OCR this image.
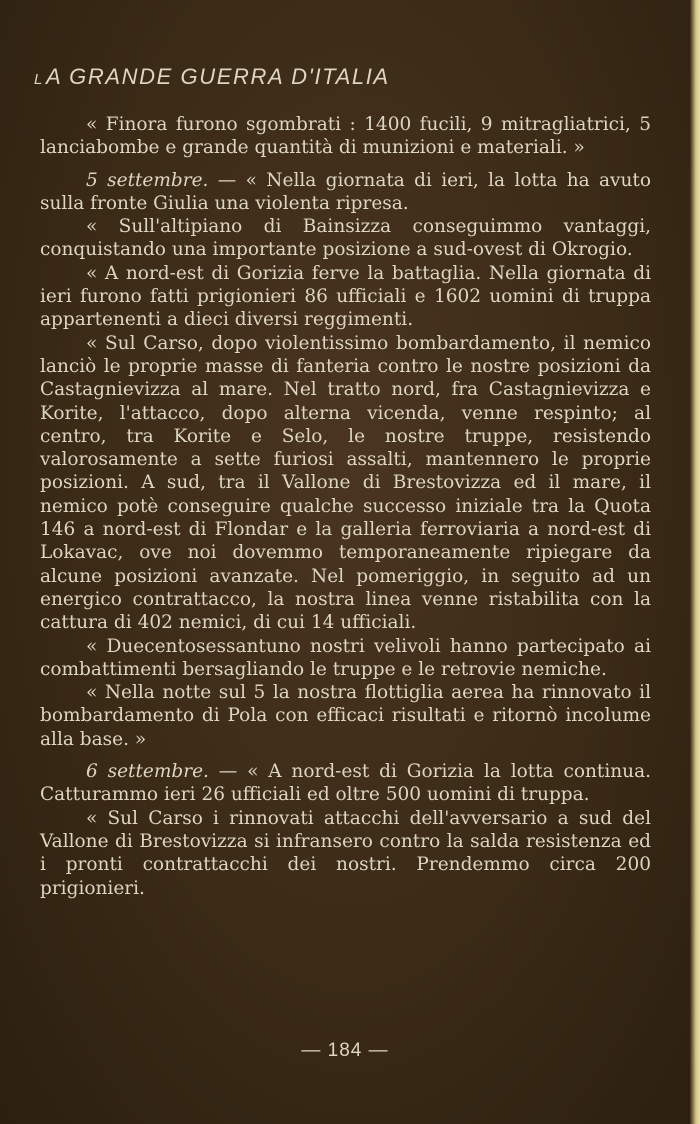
LA GRANDE GUERRA D'ITALIA

« Finora furono sgombrati : 1400 fucili, 9 mitragliatrici, 5 lanciabombe e grande quantità di munizioni e materiali. »

5 settembre. — « Nella giornata di ieri, la lotta ha avuto sulla fronte Giulia una violenta ripresa.

« Sull'altipiano di Bainsizza conseguimmo vantaggi, conquistando una importante posizione a sud-ovest di Okrogio.

« A nord-est di Gorizia ferve la battaglia. Nella giornata di ieri furono fatti prigionieri 86 ufficiali e 1602 uomini di truppa appartenenti a dieci diversi reggimenti.

« Sul Carso, dopo violentissimo bombardamento, il nemico lanciò le proprie masse di fanteria contro le nostre posizioni da Castagnievizza al mare. Nel tratto nord, fra Castagnievizza e Korite, l'attacco, dopo alterna vicenda, venne respinto; al centro, tra Korite e Selo, le nostre truppe, resistendo valorosamente a sette furiosi assalti, mantennero le proprie posizioni. A sud, tra il Vallone di Brestovizza ed il mare, il nemico potè conseguire qualche successo iniziale tra la Quota 146 a nord-est di Flondar e la galleria ferroviaria a nord-est di Lokavac, ove noi dovemmo temporaneamente ripiegare da alcune posizioni avanzate. Nel pomeriggio, in seguito ad un energico contrattacco, la nostra linea venne ristabilita con la cattura di 402 nemici, di cui 14 ufficiali.

« Duecentosessantuno nostri velivoli hanno partecipato ai combattimenti bersagliando le truppe e le retrovie nemiche.

« Nella notte sul 5 la nostra flottiglia aerea ha rinnovato il bombardamento di Pola con efficaci risultati e ritornò incolume alla base. »

6 settembre. — « A nord-est di Gorizia la lotta continua. Catturammo ieri 26 ufficiali ed oltre 500 uomini di truppa.

« Sul Carso i rinnovati attacchi dell'avversario a sud del Vallone di Brestovizza si infransero contro la salda resistenza ed i pronti contrattacchi dei nostri. Prendemmo circa 200 prigionieri.

— 184 —
